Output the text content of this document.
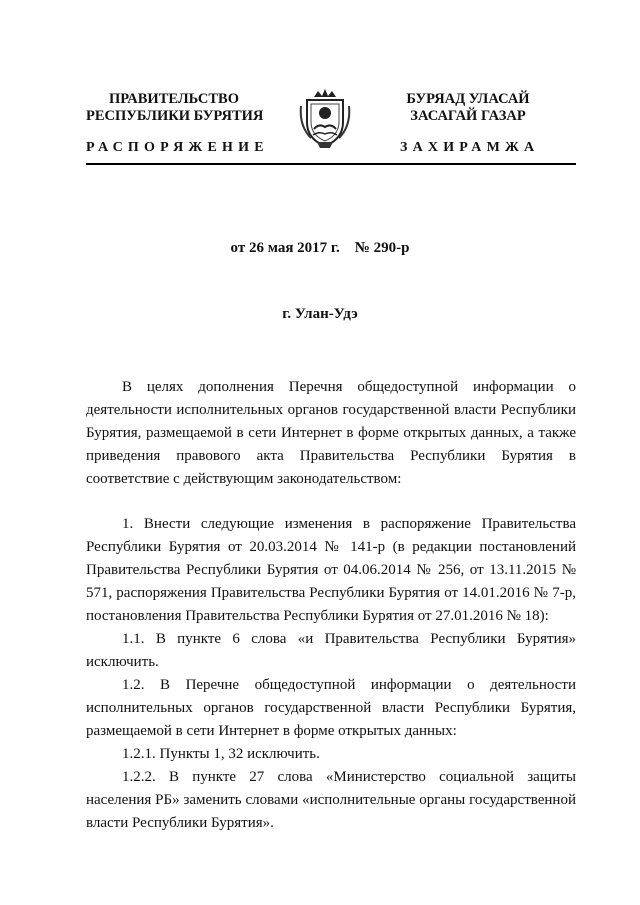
ПРАВИТЕЛЬСТВО
РЕСПУБЛИКИ БУРЯТИЯ
БУРЯАД УЛАСАЙ
ЗАСАГАЙ ГАЗАР
РАСПОРЯЖЕНИЕ	ЗАХИРАМЖА
от 26 мая 2017 г.    № 290-р
г. Улан-Удэ

В целях дополнения Перечня общедоступной информации о деятельности исполнительных органов государственной власти Республики Бурятия, размещаемой в сети Интернет в форме открытых данных, а также приведения правового акта Правительства Республики Бурятия в соответствие с действующим законодательством:

1. Внести следующие изменения в распоряжение Правительства Республики Бурятия от 20.03.2014 № 141-р (в редакции постановлений Правительства Республики Бурятия от 04.06.2014 № 256, от 13.11.2015 № 571, распоряжения Правительства Республики Бурятия от 14.01.2016 № 7-р, постановления Правительства Республики Бурятия от 27.01.2016 № 18):

1.1. В пункте 6 слова «и Правительства Республики Бурятия» исключить.

1.2. В Перечне общедоступной информации о деятельности исполнительных органов государственной власти Республики Бурятия, размещаемой в сети Интернет в форме открытых данных:

1.2.1. Пункты 1, 32 исключить.

1.2.2. В пункте 27 слова «Министерство социальной защиты населения РБ» заменить словами «исполнительные органы государственной власти Республики Бурятия».
